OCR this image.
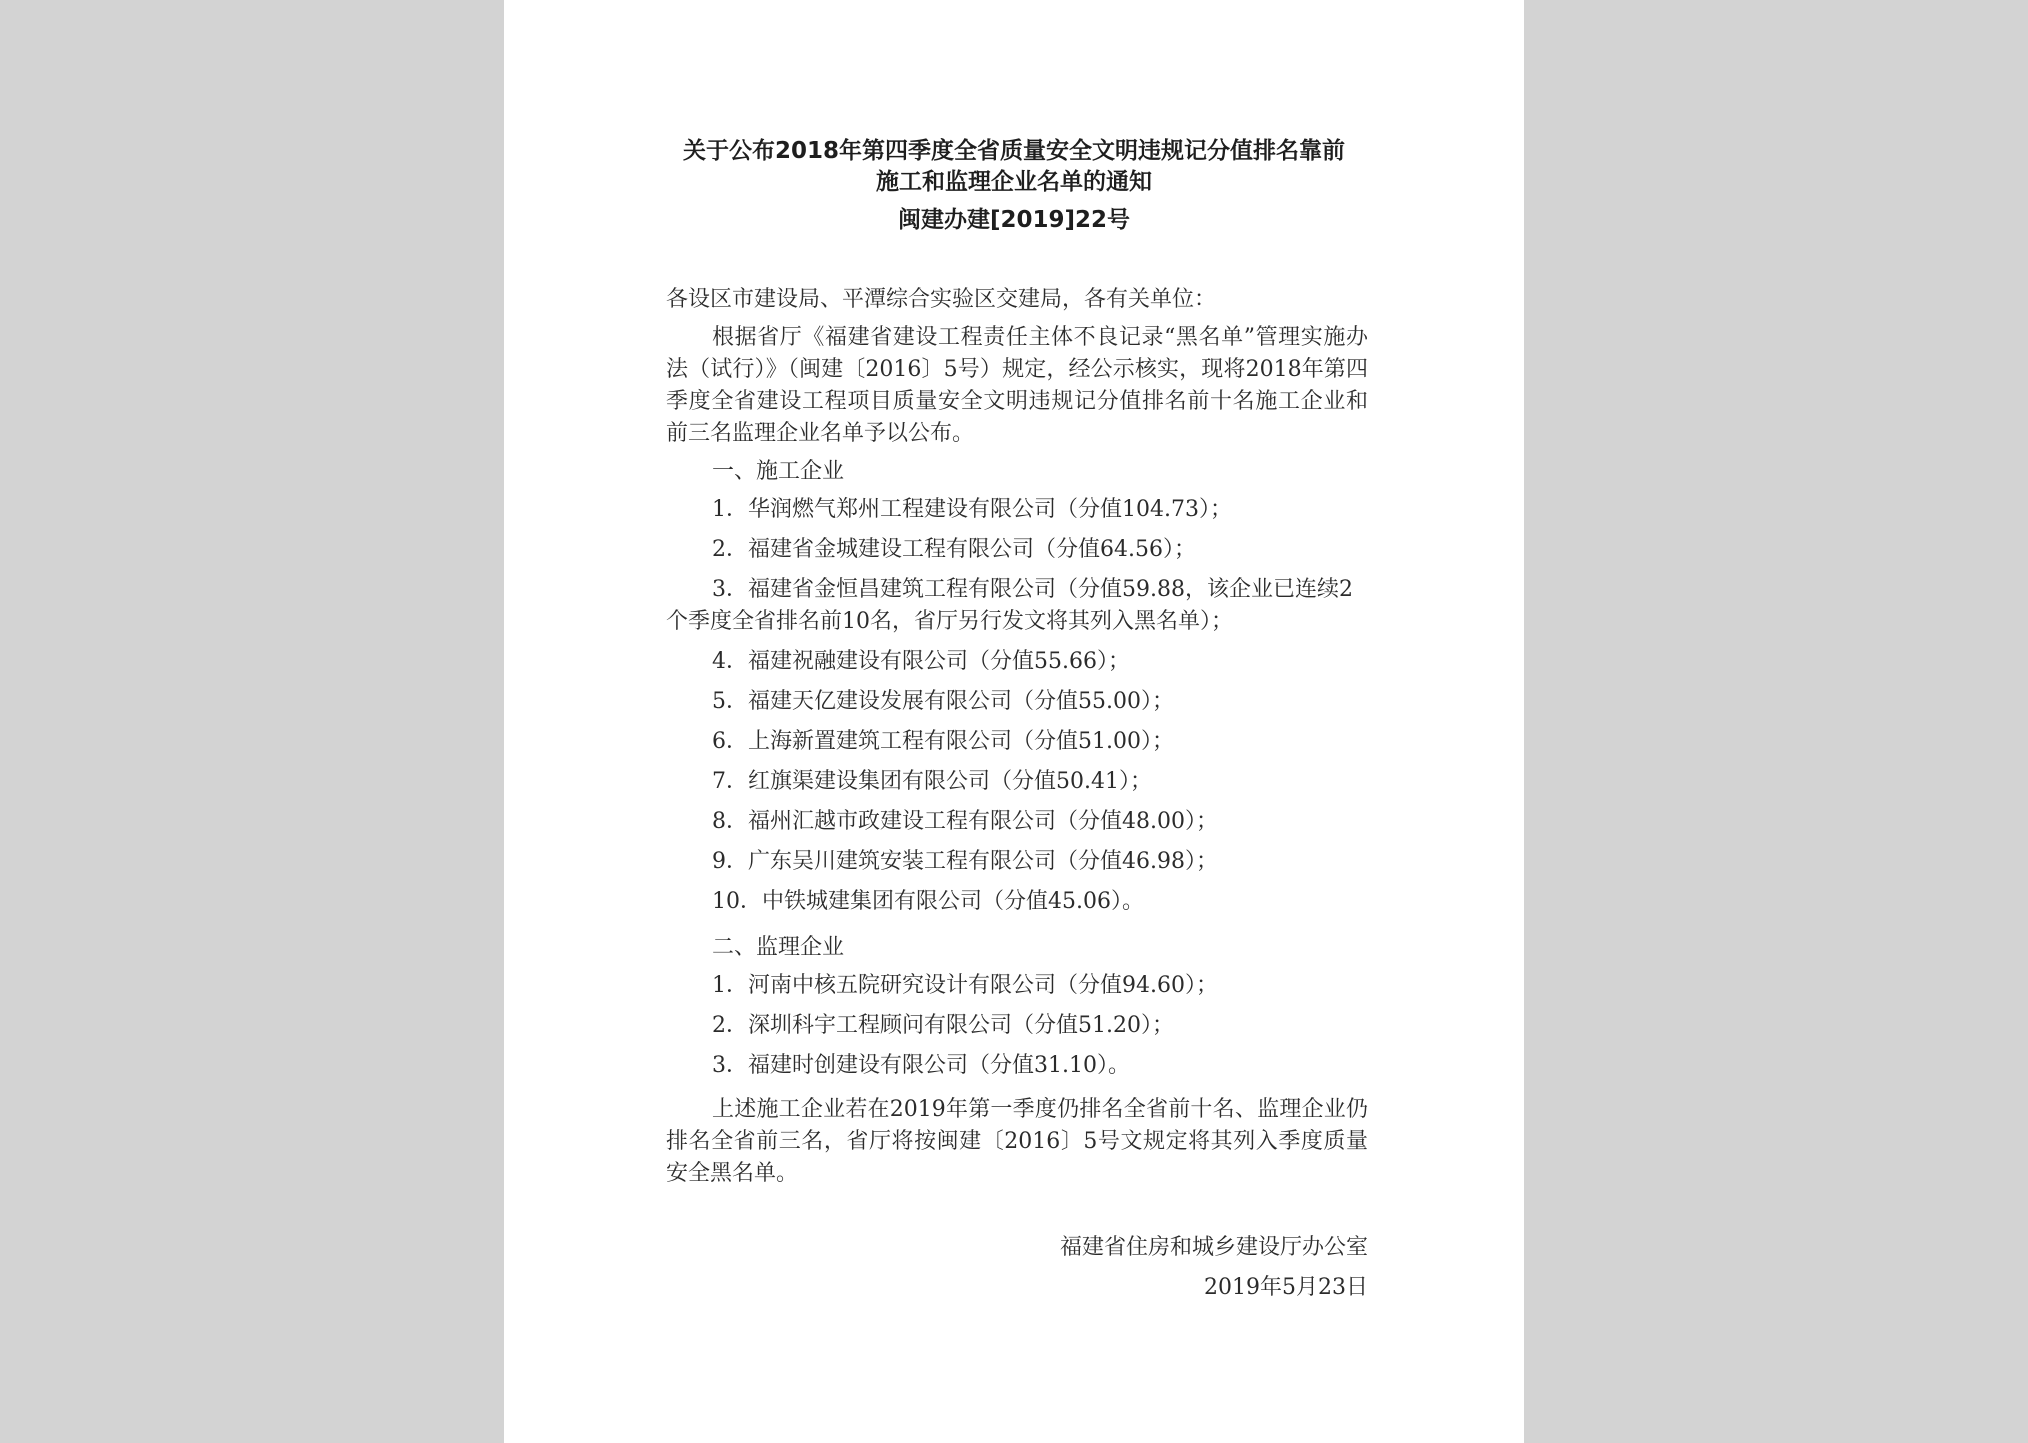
关于公布2018年第四季度全省质量安全文明违规记分值排名靠前
施工和监理企业名单的通知
闽建办建[2019]22号

各设区市建设局、平潭综合实验区交建局，各有关单位：

根据省厅《福建省建设工程责任主体不良记录“黑名单”管理实施办法（试行）》（闽建〔2016〕5号）规定，经公示核实，现将2018年第四季度全省建设工程项目质量安全文明违规记分值排名前十名施工企业和前三名监理企业名单予以公布。

一、施工企业

1．华润燃气郑州工程建设有限公司（分值104.73）；

2．福建省金城建设工程有限公司（分值64.56）；

3．福建省金恒昌建筑工程有限公司（分值59.88，该企业已连续2个季度全省排名前10名，省厅另行发文将其列入黑名单）；

4．福建祝融建设有限公司（分值55.66）；

5．福建天亿建设发展有限公司（分值55.00）；

6．上海新置建筑工程有限公司（分值51.00）；

7．红旗渠建设集团有限公司（分值50.41）；

8．福州汇越市政建设工程有限公司（分值48.00）；

9．广东吴川建筑安装工程有限公司（分值46.98）；

10．中铁城建集团有限公司（分值45.06）。

二、监理企业

1．河南中核五院研究设计有限公司（分值94.60）；

2．深圳科宇工程顾问有限公司（分值51.20）；

3．福建时创建设有限公司（分值31.10）。

上述施工企业若在2019年第一季度仍排名全省前十名、监理企业仍排名全省前三名，省厅将按闽建〔2016〕5号文规定将其列入季度质量安全黑名单。

福建省住房和城乡建设厅办公室
2019年5月23日
